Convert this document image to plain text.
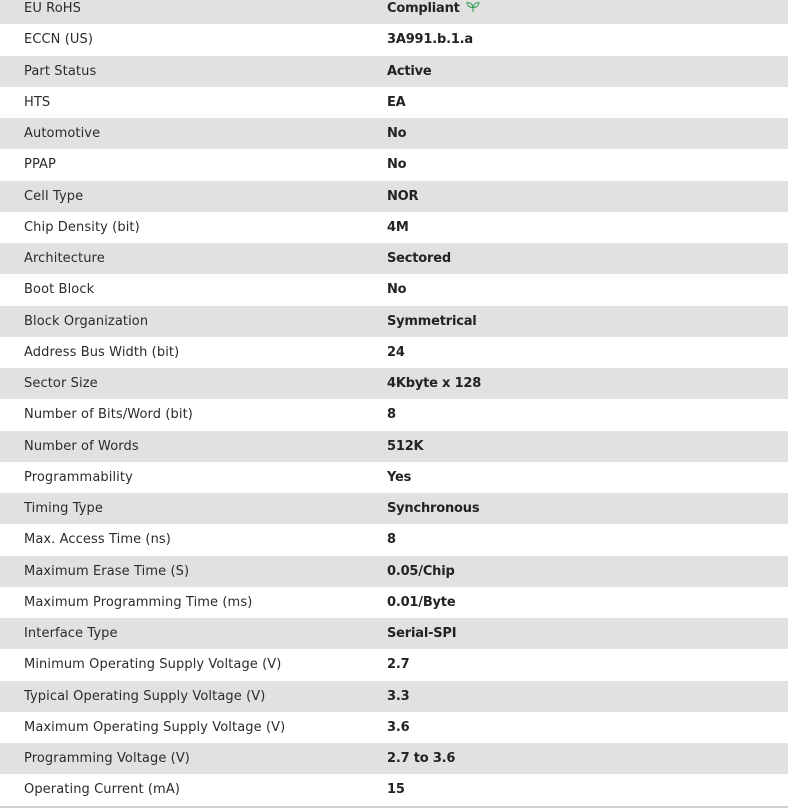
EU RoHS	Compliant
ECCN (US)	3A991.b.1.a
Part Status	Active
HTS	EA
Automotive	No
PPAP	No
Cell Type	NOR
Chip Density (bit)	4M
Architecture	Sectored
Boot Block	No
Block Organization	Symmetrical
Address Bus Width (bit)	24
Sector Size	4Kbyte x 128
Number of Bits/Word (bit)	8
Number of Words	512K
Programmability	Yes
Timing Type	Synchronous
Max. Access Time (ns)	8
Maximum Erase Time (S)	0.05/Chip
Maximum Programming Time (ms)	0.01/Byte
Interface Type	Serial-SPI
Minimum Operating Supply Voltage (V)	2.7
Typical Operating Supply Voltage (V)	3.3
Maximum Operating Supply Voltage (V)	3.6
Programming Voltage (V)	2.7 to 3.6
Operating Current (mA)	15
